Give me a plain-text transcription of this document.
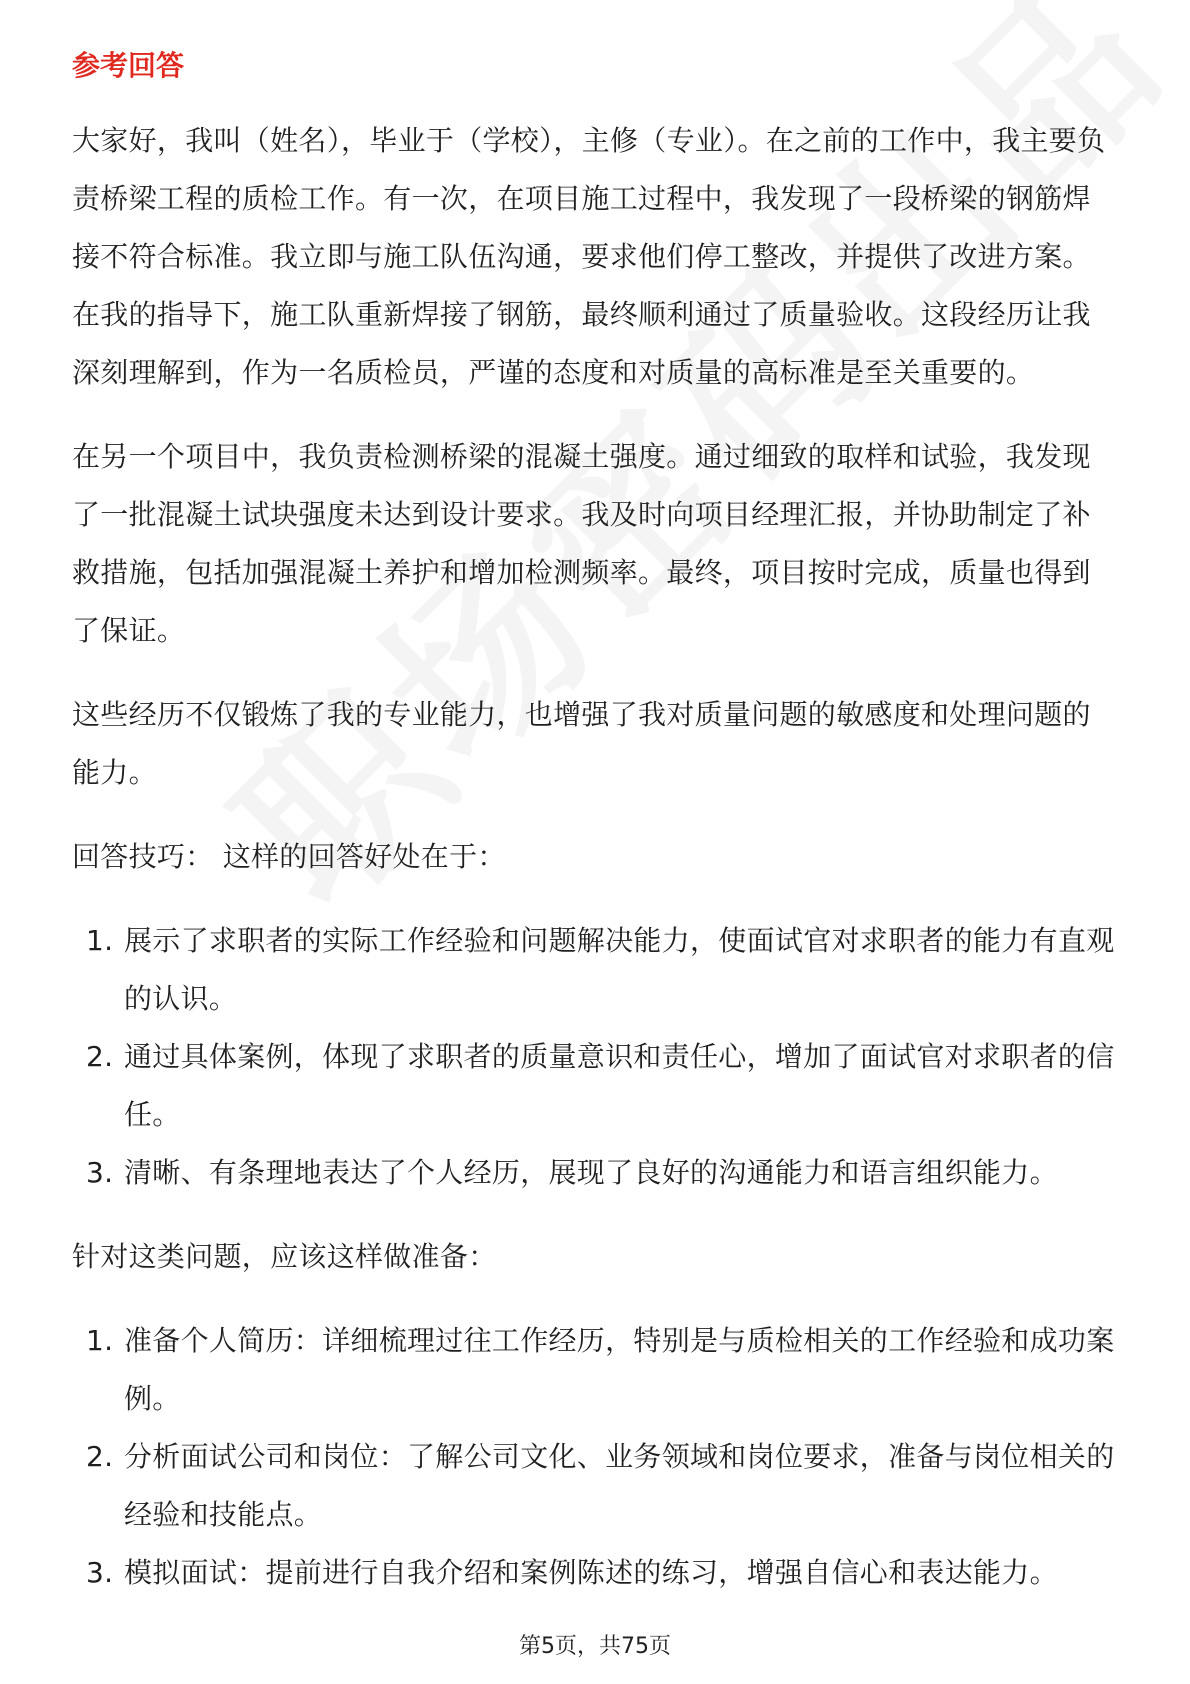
参考回答

大家好，我叫（姓名），毕业于（学校），主修（专业）。在之前的工作中，我主要负责桥梁工程的质检工作。有一次，在项目施工过程中，我发现了一段桥梁的钢筋焊接不符合标准。我立即与施工队伍沟通，要求他们停工整改，并提供了改进方案。在我的指导下，施工队重新焊接了钢筋，最终顺利通过了质量验收。这段经历让我深刻理解到，作为一名质检员，严谨的态度和对质量的高标准是至关重要的。

在另一个项目中，我负责检测桥梁的混凝土强度。通过细致的取样和试验，我发现了一批混凝土试块强度未达到设计要求。我及时向项目经理汇报，并协助制定了补救措施，包括加强混凝土养护和增加检测频率。最终，项目按时完成，质量也得到了保证。

这些经历不仅锻炼了我的专业能力，也增强了我对质量问题的敏感度和处理问题的能力。

回答技巧： 这样的回答好处在于：

1. 展示了求职者的实际工作经验和问题解决能力，使面试官对求职者的能力有直观的认识。
2. 通过具体案例，体现了求职者的质量意识和责任心，增加了面试官对求职者的信任。
3. 清晰、有条理地表达了个人经历，展现了良好的沟通能力和语言组织能力。

针对这类问题，应该这样做准备：

1. 准备个人简历：详细梳理过往工作经历，特别是与质检相关的工作经验和成功案例。
2. 分析面试公司和岗位：了解公司文化、业务领域和岗位要求，准备与岗位相关的经验和技能点。
3. 模拟面试：提前进行自我介绍和案例陈述的练习，增强自信心和表达能力。
第5页，共75页
